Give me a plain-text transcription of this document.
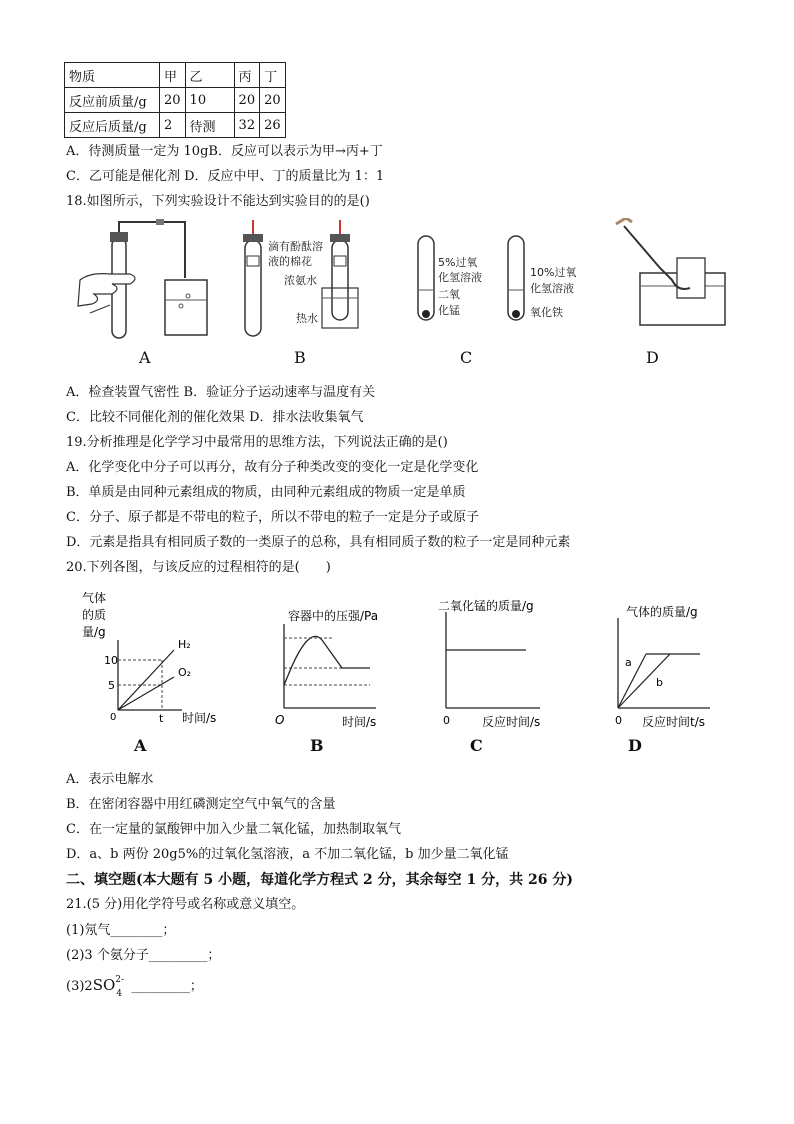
物质	甲	乙	丙	丁
反应前质量/g	20	10	20	20
反应后质量/g	2	待测	32	26
A．待测质量一定为 10gB．反应可以表示为甲→丙+丁
C．乙可能是催化剂 D．反应中甲、丁的质量比为 1：1
18.如图所示，下列实验设计不能达到实验目的的是()
滴有酚酞溶
液的棉花
浓氨水
热水
5%过氧
化氢溶液
二氧
化锰
10%过氧
化氢溶液
氧化铁
A	B	C	D
A．检查装置气密性 B．验证分子运动速率与温度有关
C．比较不同催化剂的催化效果 D．排水法收集氧气
19.分析推理是化学学习中最常用的思维方法，下列说法正确的是()
A．化学变化中分子可以再分，故有分子种类改变的变化一定是化学变化
B．单质是由同种元素组成的物质，由同种元素组成的物质一定是单质
C．分子、原子都是不带电的粒子，所以不带电的粒子一定是分子或原子
D．元素是指具有相同质子数的一类原子的总称，具有相同质子数的粒子一定是同种元素
20.下列各图，与该反应的过程相符的是(　　)
气体
的质
量/g
10
5
0	t
H₂
O₂
时间/s
容器中的压强/Pa
O	时间/s
二氧化锰的质量/g
0	反应时间/s
气体的质量/g
a
b
0 反应时间t/s
A	B	C	D
A．表示电解水
B．在密闭容器中用红磷测定空气中氧气的含量
C．在一定量的氯酸钾中加入少量二氧化锰，加热制取氧气
D．a、b 两份 20g5%的过氧化氢溶液，a 不加二氧化锰，b 加少量二氧化锰
二、填空题(本大题有 5 小题，每道化学方程式 2 分，其余每空 1 分，共 26 分)
21.(5 分)用化学符号或名称或意义填空。
(1)氖气________；
(2)3 个氨分子_________；
(3)2SO 2-
4 _________；
